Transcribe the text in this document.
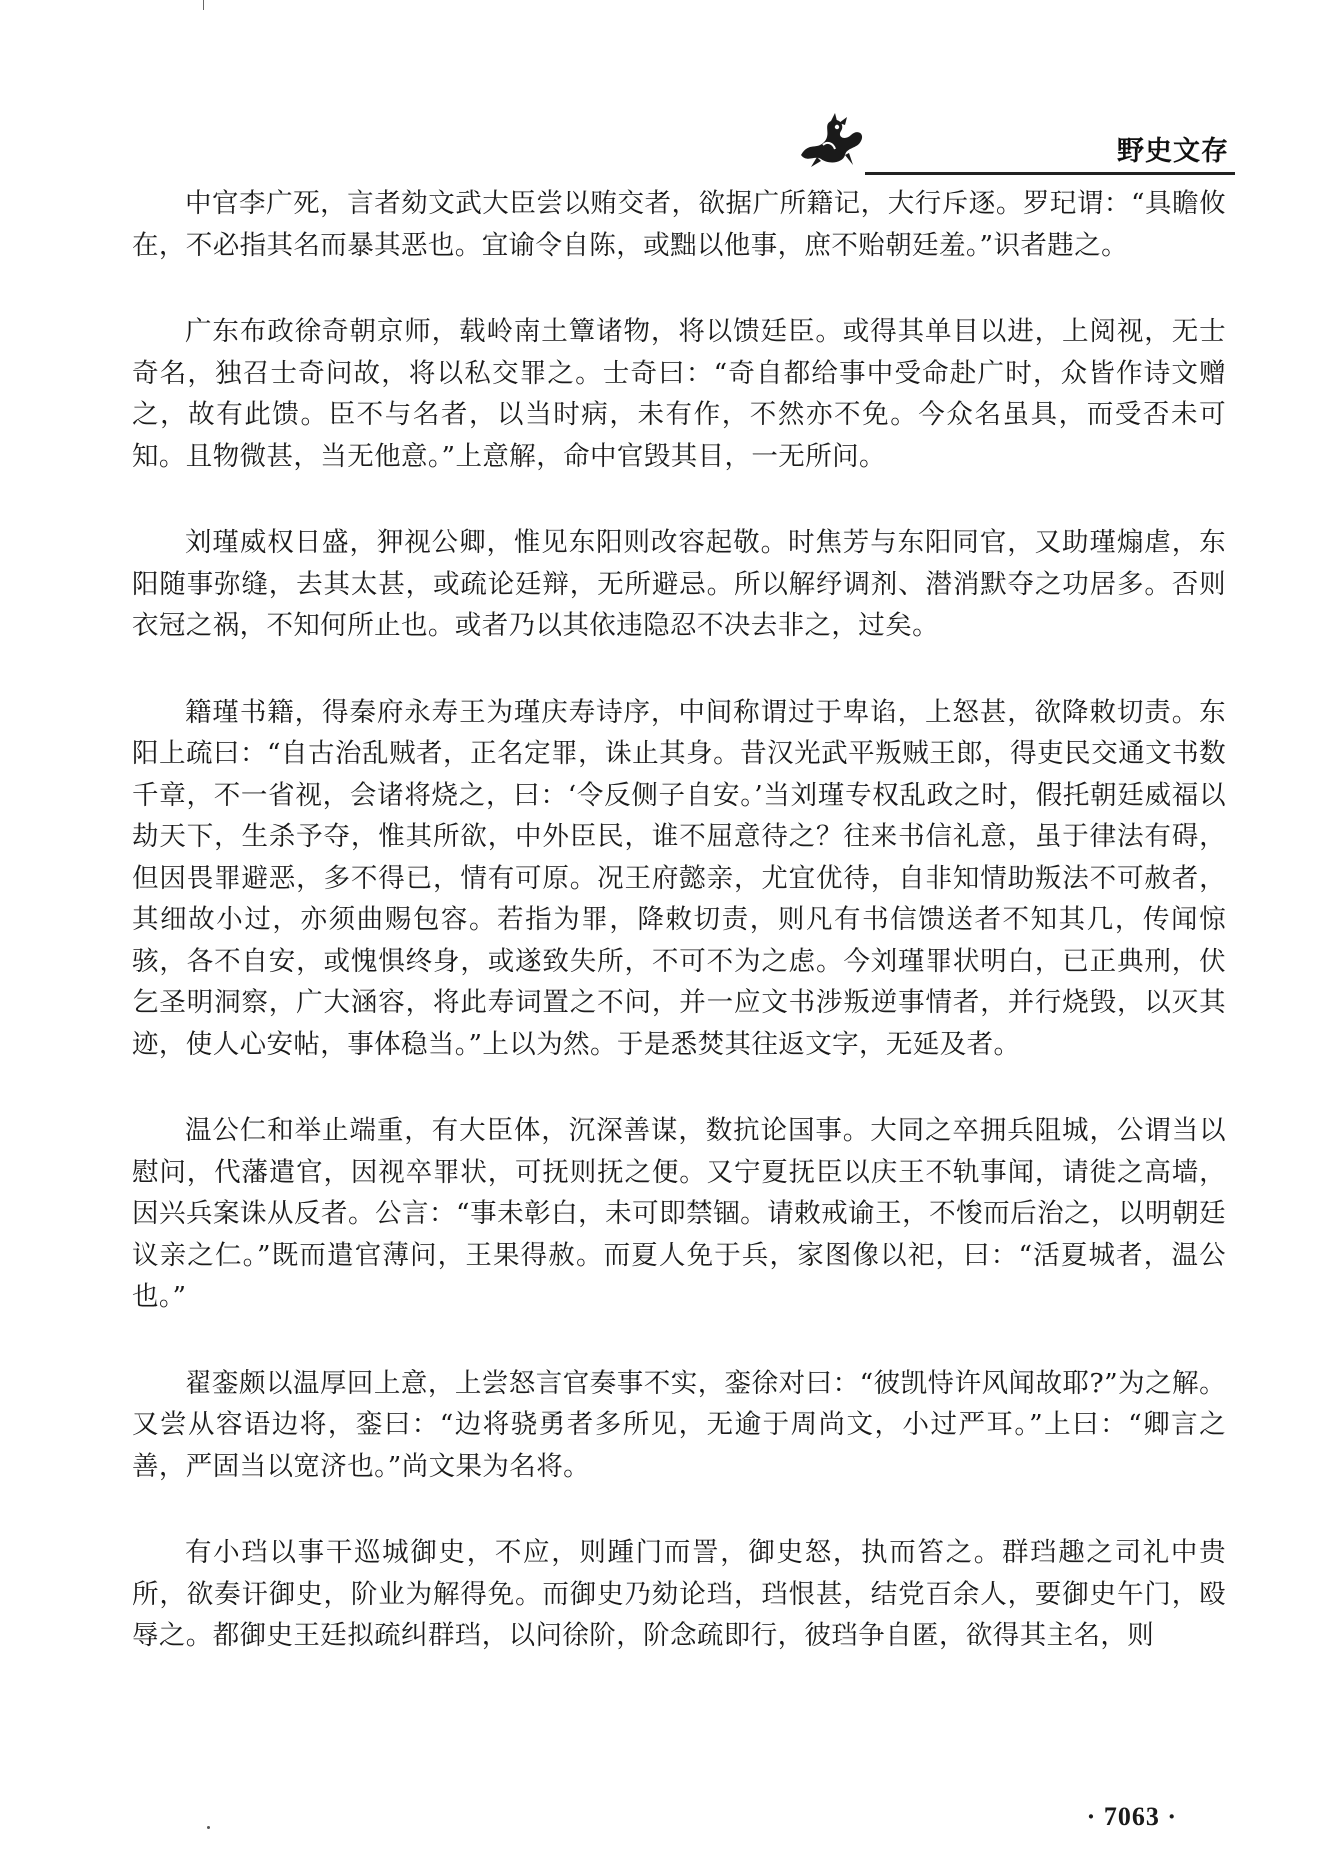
野史文存

中官李广死，言者劾文武大臣尝以贿交者，欲据广所籍记，大行斥逐。罗玘谓：“具瞻攸在，不必指其名而暴其恶也。宜谕令自陈，或黜以他事，庶不贻朝廷羞。”识者韪之。

广东布政徐奇朝京师，载岭南土簟诸物，将以馈廷臣。或得其单目以进，上阅视，无士奇名，独召士奇问故，将以私交罪之。士奇曰：“奇自都给事中受命赴广时，众皆作诗文赠之，故有此馈。臣不与名者，以当时病，未有作，不然亦不免。今众名虽具，而受否未可知。且物微甚，当无他意。”上意解，命中官毁其目，一无所问。

刘瑾威权日盛，狎视公卿，惟见东阳则改容起敬。时焦芳与东阳同官，又助瑾煽虐，东阳随事弥缝，去其太甚，或疏论廷辩，无所避忌。所以解纾调剂、潜消默夺之功居多。否则衣冠之祸，不知何所止也。或者乃以其依违隐忍不决去非之，过矣。

籍瑾书籍，得秦府永寿王为瑾庆寿诗序，中间称谓过于卑谄，上怒甚，欲降敕切责。东阳上疏曰：“自古治乱贼者，正名定罪，诛止其身。昔汉光武平叛贼王郎，得吏民交通文书数千章，不一省视，会诸将烧之，曰：‘令反侧子自安。’当刘瑾专权乱政之时，假托朝廷威福以劫天下，生杀予夺，惟其所欲，中外臣民，谁不屈意待之？往来书信礼意，虽于律法有碍，但因畏罪避恶，多不得已，情有可原。况王府懿亲，尤宜优待，自非知情助叛法不可赦者，其细故小过，亦须曲赐包容。若指为罪，降敕切责，则凡有书信馈送者不知其几，传闻惊骇，各不自安，或愧惧终身，或遂致失所，不可不为之虑。今刘瑾罪状明白，已正典刑，伏乞圣明洞察，广大涵容，将此寿词置之不问，并一应文书涉叛逆事情者，并行烧毁，以灭其迹，使人心安帖，事体稳当。”上以为然。于是悉焚其往返文字，无延及者。

温公仁和举止端重，有大臣体，沉深善谋，数抗论国事。大同之卒拥兵阻城，公谓当以慰问，代藩遣官，因视卒罪状，可抚则抚之便。又宁夏抚臣以庆王不轨事闻，请徙之高墙，因兴兵案诛从反者。公言：“事未彰白，未可即禁锢。请敕戒谕王，不悛而后治之，以明朝廷议亲之仁。”既而遣官薄问，王果得赦。而夏人免于兵，家图像以祀，曰：“活夏城者，温公也。”

翟銮颇以温厚回上意，上尝怒言官奏事不实，銮徐对曰：“彼凯恃许风闻故耶?”为之解。又尝从容语边将，銮曰：“边将骁勇者多所见，无逾于周尚文，小过严耳。”上曰：“卿言之善，严固当以宽济也。”尚文果为名将。

有小珰以事干巡城御史，不应，则踵门而詈，御史怒，执而笞之。群珰趣之司礼中贵所，欲奏讦御史，阶业为解得免。而御史乃劾论珰，珰恨甚，结党百余人，要御史午门，殴辱之。都御史王廷拟疏纠群珰，以问徐阶，阶念疏即行，彼珰争自匿，欲得其主名，则

· 7063 ·
